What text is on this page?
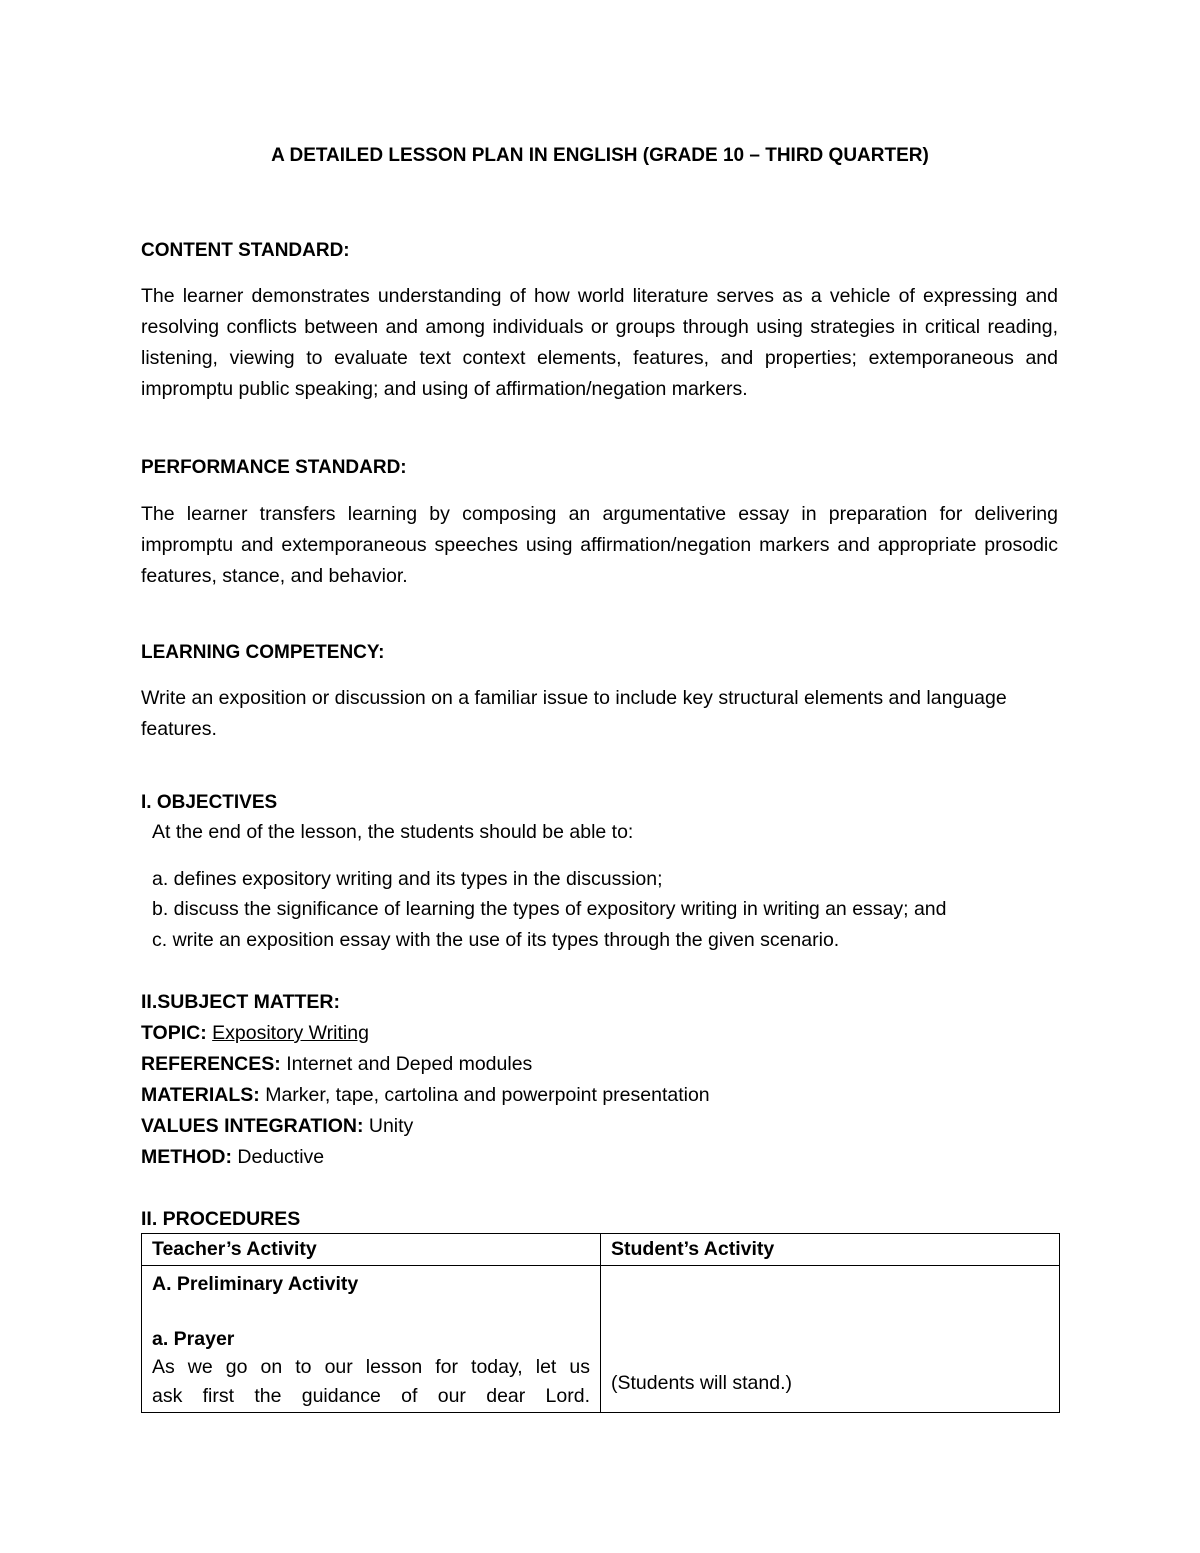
A DETAILED LESSON PLAN IN ENGLISH (GRADE 10 – THIRD QUARTER)
CONTENT STANDARD:
The learner demonstrates understanding of how world literature serves as a vehicle of expressing and resolving conflicts between and among individuals or groups through using strategies in critical reading, listening, viewing to evaluate text context elements, features, and properties; extemporaneous and impromptu public speaking; and using of affirmation/negation markers.
PERFORMANCE STANDARD:
The learner transfers learning by composing an argumentative essay in preparation for delivering impromptu and extemporaneous speeches using affirmation/negation markers and appropriate prosodic features, stance, and behavior.
LEARNING COMPETENCY:
Write an exposition or discussion on a familiar issue to include key structural elements and language features.
I. OBJECTIVES
At the end of the lesson, the students should be able to:
a. defines expository writing and its types in the discussion;
b. discuss the significance of learning the types of expository writing in writing an essay; and
c. write an exposition essay with the use of its types through the given scenario.
II.SUBJECT MATTER:
TOPIC: Expository Writing
REFERENCES: Internet and Deped modules
MATERIALS: Marker, tape, cartolina and powerpoint presentation
VALUES INTEGRATION: Unity
METHOD: Deductive
II. PROCEDURES
Teacher’s Activity	Student’s Activity

A. Preliminary Activity
a. Prayer
As we go on to our lesson for today, let us
ask first the guidance of our dear Lord.	(Students will stand.)
